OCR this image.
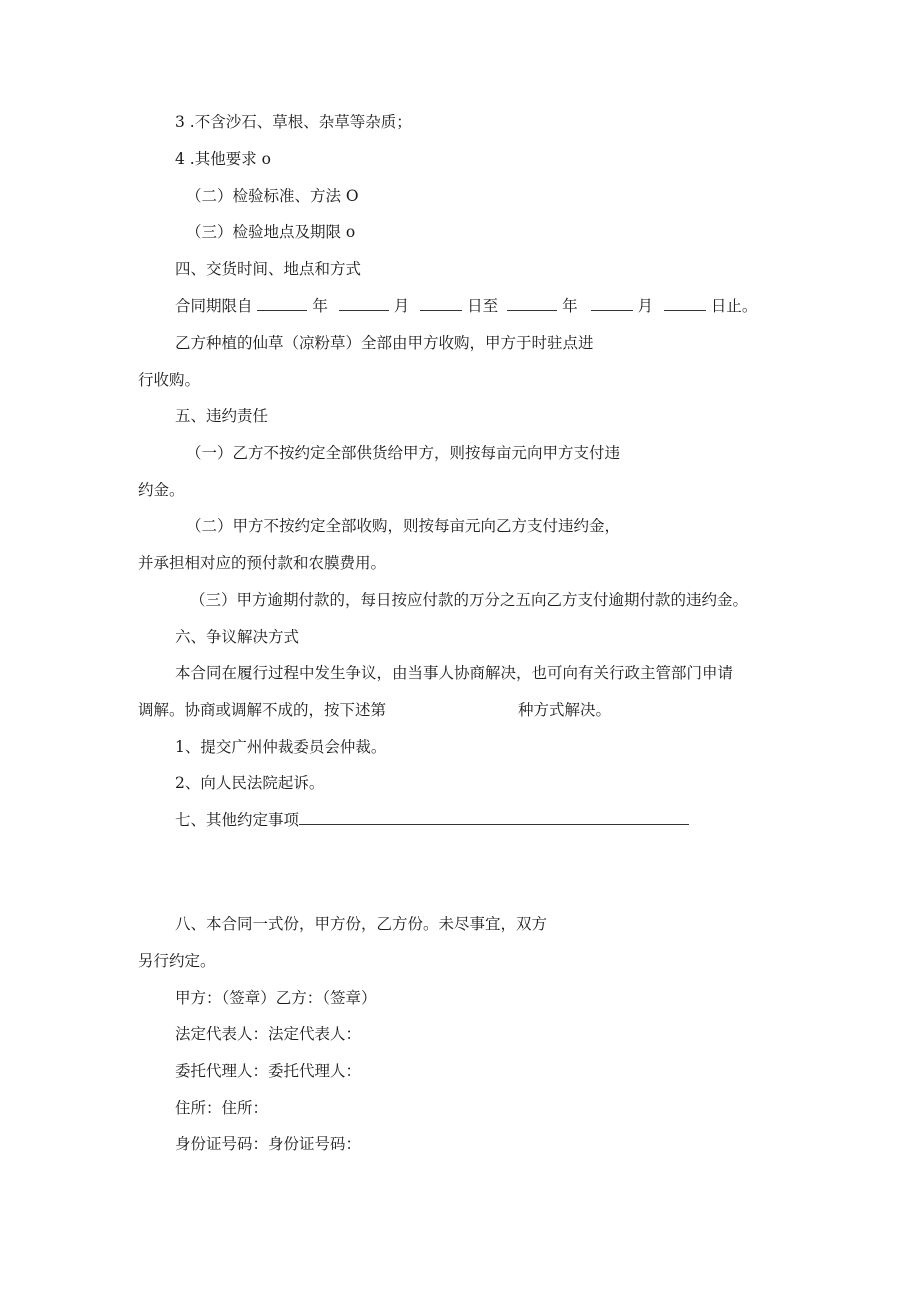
3 .不含沙石、草根、杂草等杂质；
4 .其他要求 o
（二）检验标准、方法 O
（三）检验地点及期限 o
四、交货时间、地点和方式
合同期限自	年	月	日至	年	月	日止。
乙方种植的仙草（凉粉草）全部由甲方收购，甲方于时驻点进
行收购。
五、违约责任
（一）乙方不按约定全部供货给甲方，则按每亩元向甲方支付违
约金。
（二）甲方不按约定全部收购，则按每亩元向乙方支付违约金，
并承担相对应的预付款和农膜费用。
（三）甲方逾期付款的，每日按应付款的万分之五向乙方支付逾期付款的违约金。
六、争议解决方式
本合同在履行过程中发生争议，由当事人协商解决，也可向有关行政主管部门申请
调解。协商或调解不成的，按下述第	种方式解决。
1、提交广州仲裁委员会仲裁。
2、向人民法院起诉。
七、其他约定事项
八、本合同一式份，甲方份，乙方份。未尽事宜，双方
另行约定。
甲方：（签章）乙方：（签章）
法定代表人：法定代表人：
委托代理人：委托代理人：
住所：住所：
身份证号码：身份证号码：
